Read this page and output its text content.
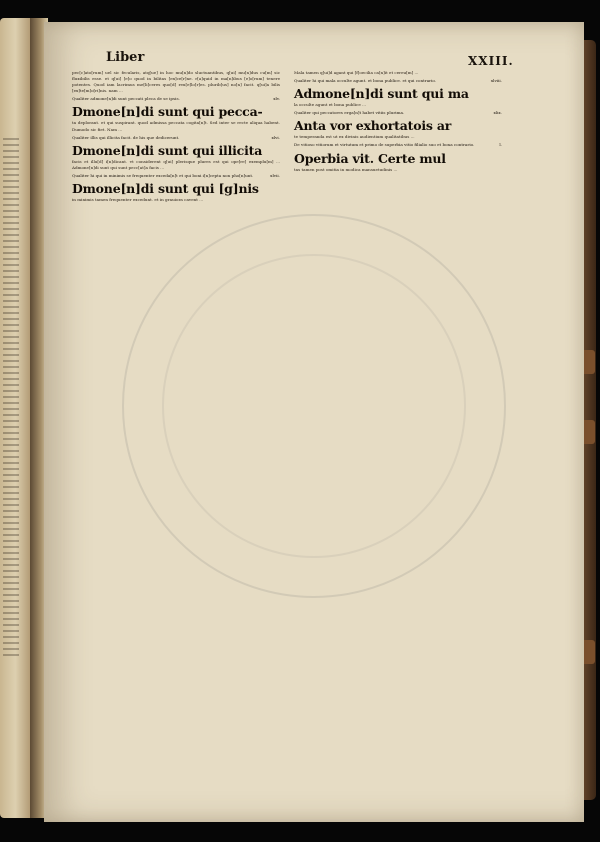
Liber	XXIII.

pec[c]ato[rum] uel sic fecularis, atq[ue] in hoc mu[n]do sluctuantibus, q[ui] mu[n]dus cu[m] sic fluxibilis esse. et q[ui] [e]o quod in bilitas [ex]ce[r]ne. r[a]quid in ma[n]ibus [e]o[rum] tenere potentes. Quod iam lacrimus me[li]ceres quo[d] reu[e]lo[r]es. plurib[us] no[n] facit. q[ui]a bilis [ex]te[m]o[ri]nis. nam ...

Qualiter admone[n]di sunt peccati pleca de se ipsis.	xlv.
Dmone[n]di sunt qui pecca-

ta deplorant. et qui suspirant. quod admissa peccata cogita[n]t. Sed inter se recte aliqua habent. Dumodo sic fiet. Nam ...

Qualiter illis qui illicita facit. de his que dedicerunt.	xlvi.
Dmone[n]di sunt qui illicita

facis et illu[d] i[n]dicant. vt considerent q[ui] plerisque plures est qui ope[re] exemplu[m] ... Admone[n]di sunt qui sunt pecc[at]a facis ...

Qualiter hi qui in minimis se frequenter exceda[n]t et qui boni i[n]cepta non pho[n]unt.	xlvii.
Dmone[n]di sunt qui [g]nis

in minimis tamen frequenter excedunt. et in grauiora cavent ...

Mala tamen q[ui]d agant qui [f]oecilia ca[n]it et cereu[m] ...

Qualiter hi qui mala occulte agunt. et bona publice. et qui contrario.	xlviii.
Admone[n]di sunt qui ma

la occulte agunt et bona publice ...

Qualiter qui peccatores erga[n]t habet vitiis plurima.	xlix.
Anta vor exhortatois ar

te temperanda est ut ex divinis audientium qualitatibus ...

De vitioso vitiorum et virtutum et primo de superbia vitio filialio suo et bona contrario.	l.
Operbia vit. Certe mul

tas tamen post omitia in modica mansuetudinis ...
